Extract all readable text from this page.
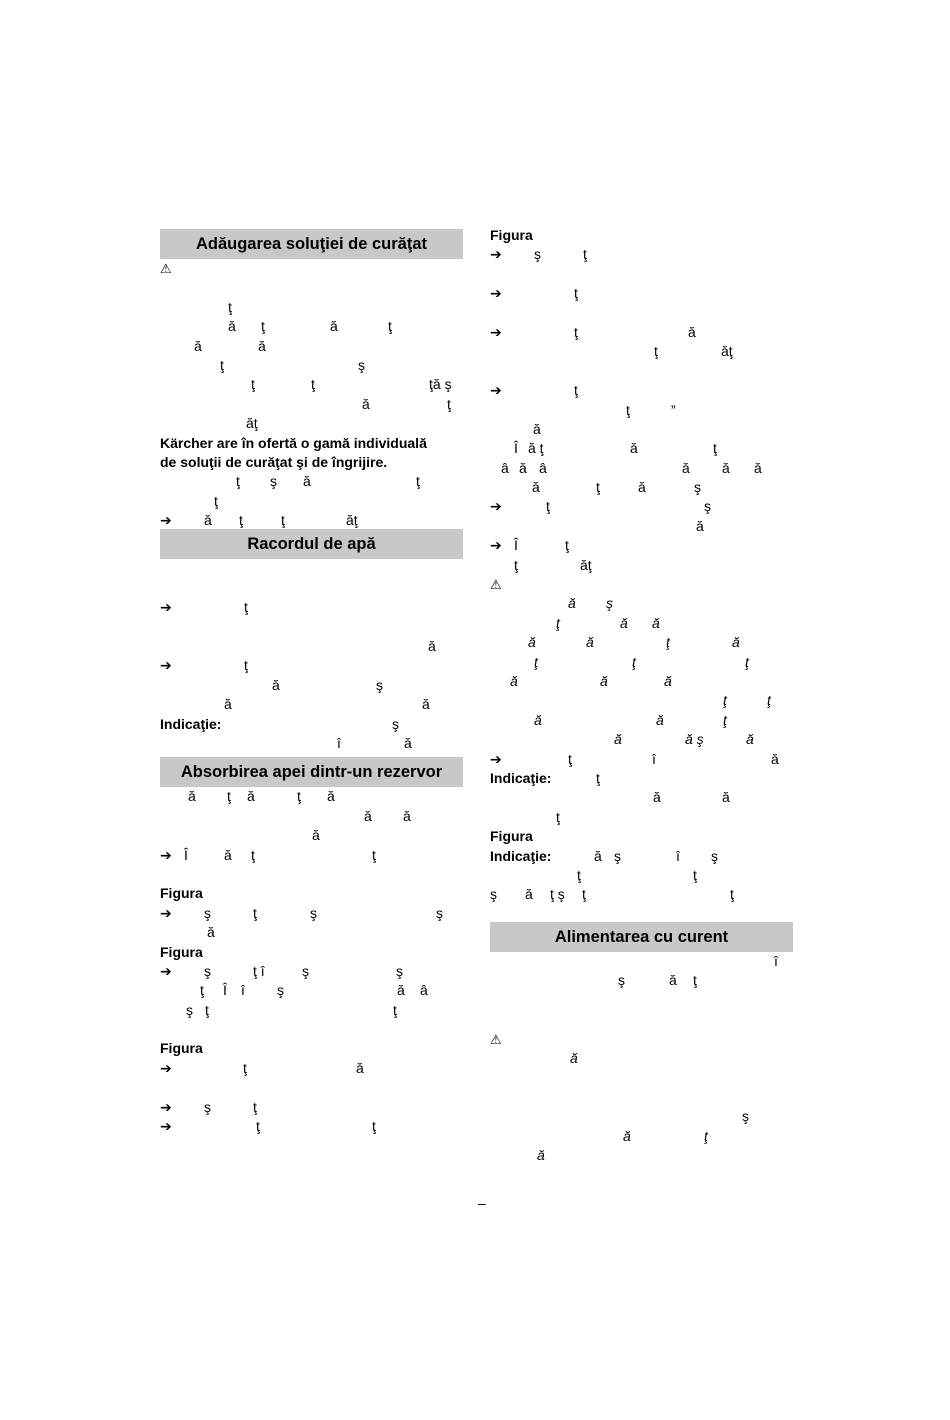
Adăugarea soluţiei de curăţat
⚠
ţ
ă ţ	ă	ţ
ă	ă
ţ	ş
ţ	ţ	ţă ş
ă	ţ
ăţ
Kärcher are în ofertă o gamă individuală
de soluţii de curăţat şi de îngrijire.
ţ ş ă	ţ
ţ
➔ ă ţ	ţ	ăţ
Racordul de apă
➔	ţ
ă
➔	ţ
ă	ş
ă	ă
Indicaţie:	ş
î	ă
Absorbirea apei dintr-un rezervor
ă ţ ă	ţ ă
ă ă
ă
➔ Î	ă ţ	ţ
Figura
➔ ş	ţ	ş	ş
ă
Figura
➔ ş	ţ î	ş	ş
ţ Î î ş	ă â
ş ţ	ţ
Figura
➔	ţ	ă
➔ ş	ţ
➔	ţ	ţ
Figura
➔ ş	ţ
➔	ţ
➔	ţ	ă
ţ	ăţ
➔	ţ
ţ	”
ă
Î ă ţ	ă	ţ
â ă â	ă ă ă
ă	ţ	ă	ş
➔	ţ	ş
ă
➔ Î	ţ
ţ	ăţ
⚠
ă ş
ţ	ă ă
ă	ă	ţ	ă
ţ	ţ	ţ
ă	ă	ă
ţ	ţ
ă	ă	ţ
ă	ă ş	ă
➔	ţ	î	ă
Indicaţie:	ţ
ă	ă
ţ
Figura
Indicaţie:	ă ş	î ş
ţ	ţ
ş ă ţ ş ţ	ţ
Alimentarea cu curent
î
ş	ă ţ
⚠
ă
ş
ă	ţ
ă
–
